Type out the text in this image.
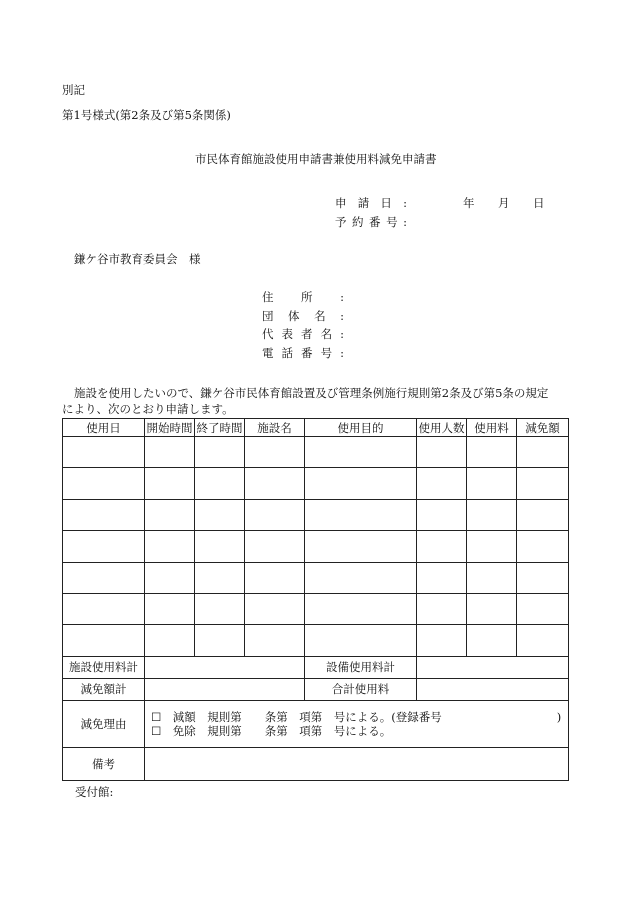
別記
第1号様式(第2条及び第5条関係)
市民体育館施設使用申請書兼使用料減免申請書
申請日:	年 月 日
予約番号:
鎌ケ谷市教育委員会　様
住所:
団体名:
代表者名:
電話番号:
施設を使用したいので、鎌ケ谷市民体育館設置及び管理条例施行規則第2条及び第5条の規定
により、次のとおり申請します。
使用日	開始時間	終了時間	施設名	使用目的	使用人数	使用料	減免額

施設使用料計				設備使用料計			
減免額計				合計使用料			
減免理由	☐　減額　規則第　　条第　項第　号による。(登録番号　　　　　　　　　　)
☐　免除　規則第　　条第　項第　号による。						

備考							
受付館:
